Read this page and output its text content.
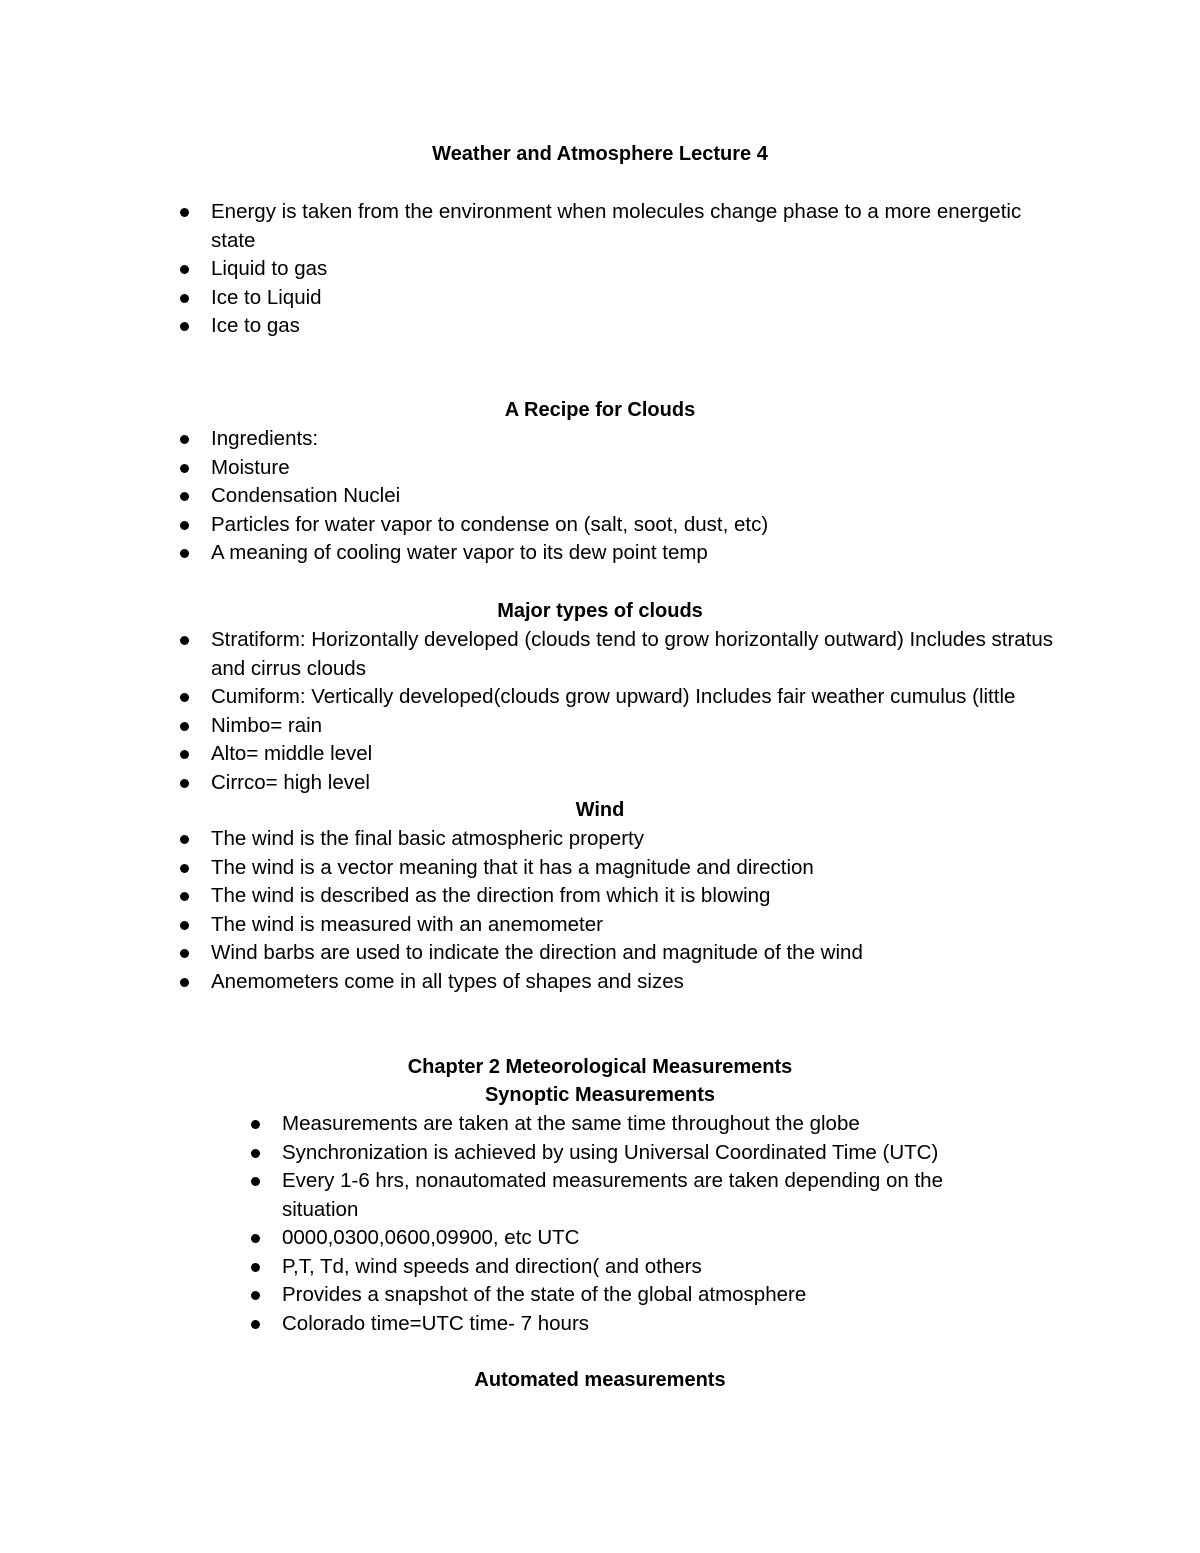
Weather and Atmosphere Lecture 4
Energy is taken from the environment when molecules change phase to a more energetic state
Liquid to gas
Ice to Liquid
Ice to gas
A Recipe for Clouds
Ingredients:
Moisture
Condensation Nuclei
Particles for water vapor to condense on (salt, soot, dust, etc)
A meaning of cooling water vapor to its dew point temp
Major types of clouds
Stratiform: Horizontally developed (clouds tend to grow horizontally outward) Includes stratus and cirrus clouds
Cumiform: Vertically developed(clouds grow upward) Includes fair weather cumulus (little
Nimbo= rain
Alto= middle level
Cirrco= high level
Wind
The wind is the final basic atmospheric property
The wind is a vector meaning that it has a magnitude and direction
The wind is described as the direction from which it is blowing
The wind is measured with an anemometer
Wind barbs are used to indicate the direction and magnitude of the wind
Anemometers come in all types of shapes and sizes
Chapter 2 Meteorological Measurements
Synoptic Measurements
Measurements are taken at the same time throughout the globe
Synchronization is achieved by using Universal Coordinated Time (UTC)
Every 1-6 hrs, nonautomated measurements are taken depending on the situation
0000,0300,0600,09900, etc UTC
P,T, Td, wind speeds and direction( and others
Provides a snapshot of the state of the global atmosphere
Colorado time=UTC time- 7 hours
Automated measurements
